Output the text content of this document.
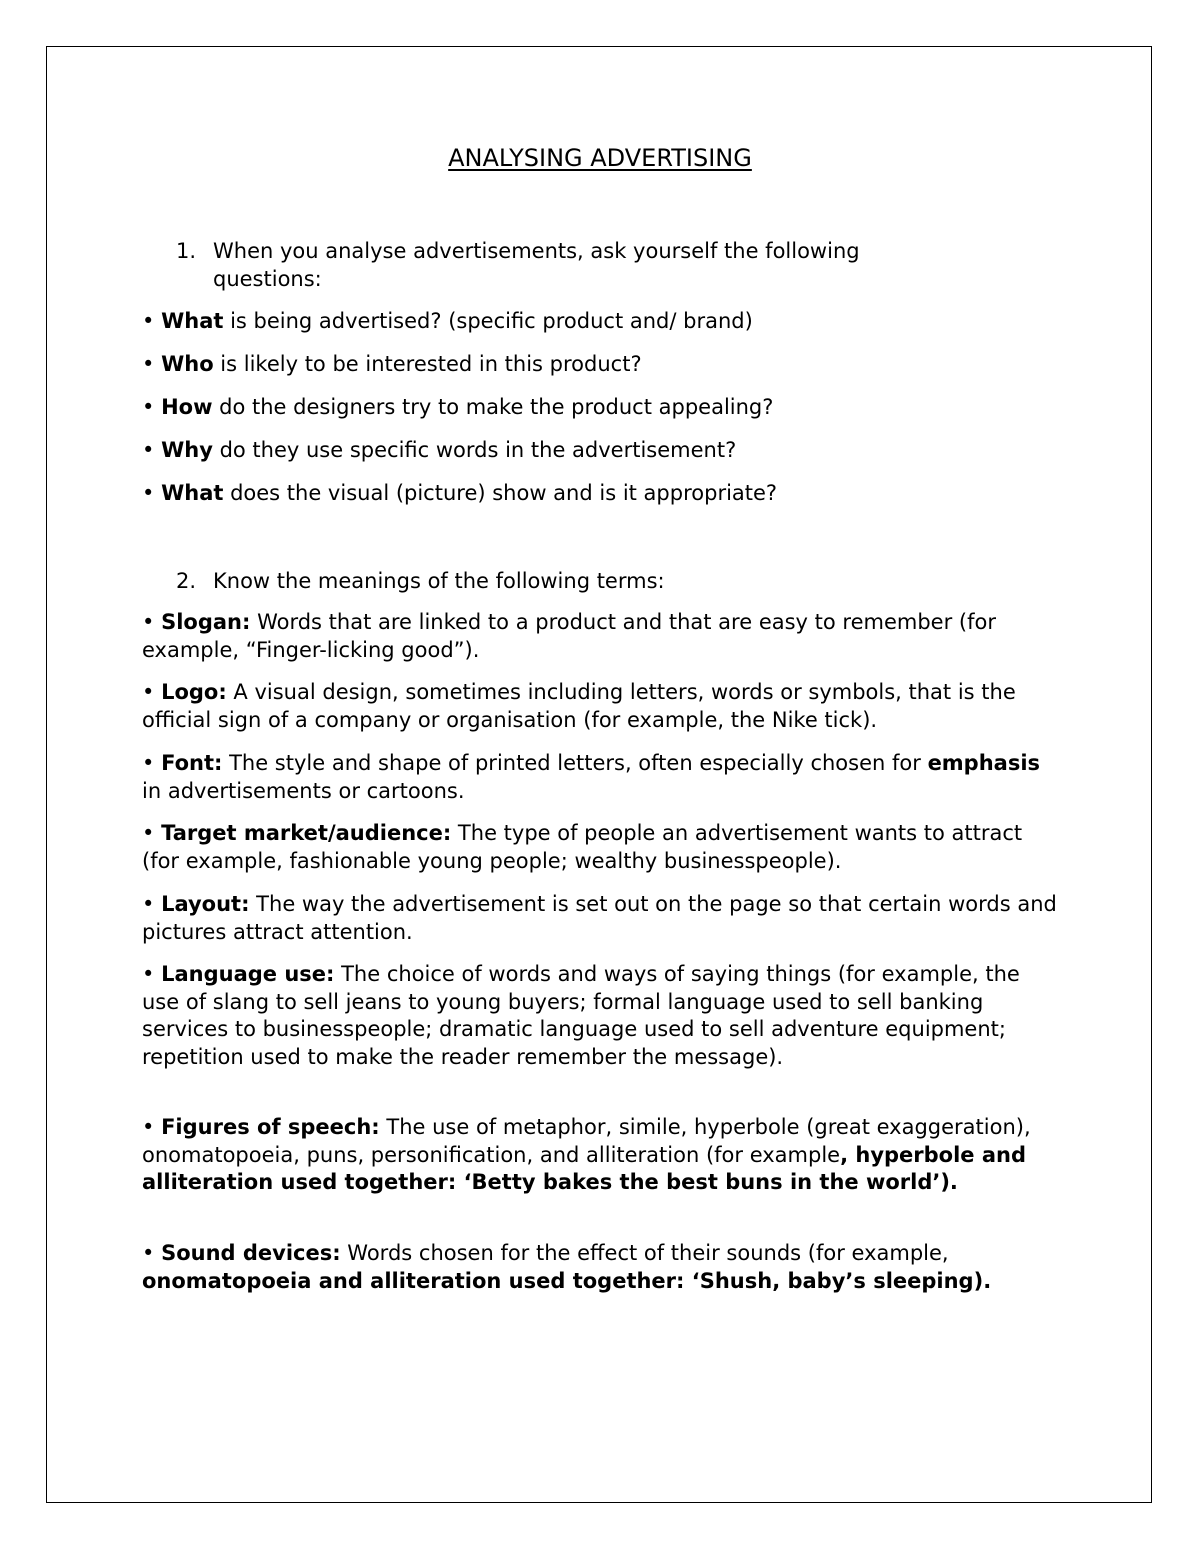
ANALYSING ADVERTISING
1. When you analyse advertisements, ask yourself the following questions:

• What is being advertised? (specific product and/ brand)

• Who is likely to be interested in this product?

• How do the designers try to make the product appealing?

• Why do they use specific words in the advertisement?

• What does the visual (picture) show and is it appropriate?

2. Know the meanings of the following terms:

• Slogan: Words that are linked to a product and that are easy to remember (for example, “Finger-licking good”).

• Logo: A visual design, sometimes including letters, words or symbols, that is the official sign of a company or organisation (for example, the Nike tick).

• Font: The style and shape of printed letters, often especially chosen for emphasis in advertisements or cartoons.

• Target market/audience: The type of people an advertisement wants to attract (for example, fashionable young people; wealthy businesspeople).

• Layout: The way the advertisement is set out on the page so that certain words and pictures attract attention.

• Language use: The choice of words and ways of saying things (for example, the use of slang to sell jeans to young buyers; formal language used to sell banking services to businesspeople; dramatic language used to sell adventure equipment; repetition used to make the reader remember the message).

• Figures of speech: The use of metaphor, simile, hyperbole (great exaggeration), onomatopoeia, puns, personification, and alliteration (for example, hyperbole and alliteration used together: ‘Betty bakes the best buns in the world’).

• Sound devices: Words chosen for the effect of their sounds (for example, onomatopoeia and alliteration used together: ‘Shush, baby’s sleeping).
